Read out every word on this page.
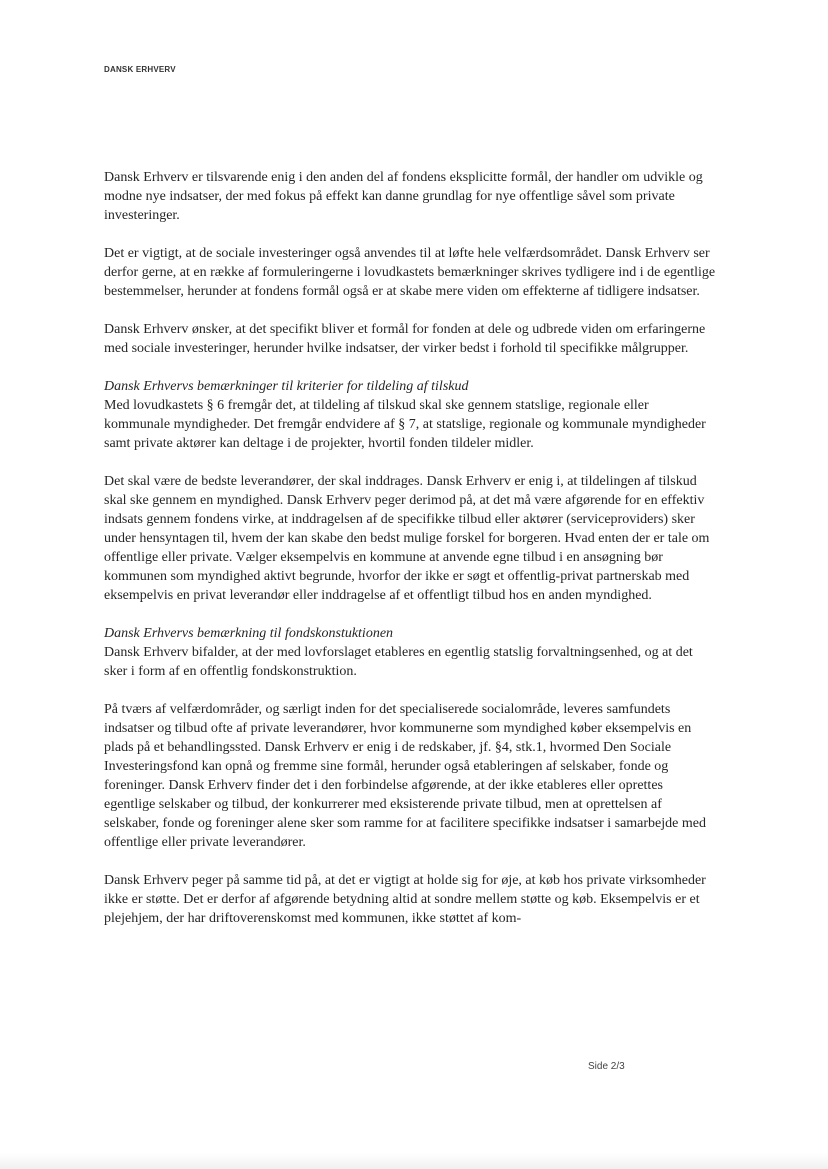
DANSK ERHVERV

Dansk Erhverv er tilsvarende enig i den anden del af fondens eksplicitte formål, der handler om udvikle og modne nye indsatser, der med fokus på effekt kan danne grundlag for nye offentlige såvel som private investeringer.

Det er vigtigt, at de sociale investeringer også anvendes til at løfte hele velfærdsområdet. Dansk Erhverv ser derfor gerne, at en række af formuleringerne i lovudkastets bemærkninger skrives tydligere ind i de egentlige bestemmelser, herunder at fondens formål også er at skabe mere viden om effekterne af tidligere indsatser.

Dansk Erhverv ønsker, at det specifikt bliver et formål for fonden at dele og udbrede viden om erfaringerne med sociale investeringer, herunder hvilke indsatser, der virker bedst i forhold til specifikke målgrupper.

Dansk Erhvervs bemærkninger til kriterier for tildeling af tilskud

Med lovudkastets § 6 fremgår det, at tildeling af tilskud skal ske gennem statslige, regionale eller kommunale myndigheder. Det fremgår endvidere af § 7, at statslige, regionale og kommunale myndigheder samt private aktører kan deltage i de projekter, hvortil fonden tildeler midler.

Det skal være de bedste leverandører, der skal inddrages. Dansk Erhverv er enig i, at tildelingen af tilskud skal ske gennem en myndighed. Dansk Erhverv peger derimod på, at det må være afgørende for en effektiv indsats gennem fondens virke, at inddragelsen af de specifikke tilbud eller aktører (serviceproviders) sker under hensyntagen til, hvem der kan skabe den bedst mulige forskel for borgeren. Hvad enten der er tale om offentlige eller private. Vælger eksempelvis en kommune at anvende egne tilbud i en ansøgning bør kommunen som myndighed aktivt begrunde, hvorfor der ikke er søgt et offentlig-privat partnerskab med eksempelvis en privat leverandør eller inddragelse af et offentligt tilbud hos en anden myndighed.

Dansk Erhvervs bemærkning til fondskonstuktionen

Dansk Erhverv bifalder, at der med lovforslaget etableres en egentlig statslig forvaltningsenhed, og at det sker i form af en offentlig fondskonstruktion.

På tværs af velfærdområder, og særligt inden for det specialiserede socialområde, leveres samfundets indsatser og tilbud ofte af private leverandører, hvor kommunerne som myndighed køber eksempelvis en plads på et behandlingssted. Dansk Erhverv er enig i de redskaber, jf. §4, stk.1, hvormed Den Sociale Investeringsfond kan opnå og fremme sine formål, herunder også etableringen af selskaber, fonde og foreninger. Dansk Erhverv finder det i den forbindelse afgørende, at der ikke etableres eller oprettes egentlige selskaber og tilbud, der konkurrerer med eksisterende private tilbud, men at oprettelsen af selskaber, fonde og foreninger alene sker som ramme for at facilitere specifikke indsatser i samarbejde med offentlige eller private leverandører.

Dansk Erhverv peger på samme tid på, at det er vigtigt at holde sig for øje, at køb hos private virksomheder ikke er støtte. Det er derfor af afgørende betydning altid at sondre mellem støtte og køb. Eksempelvis er et plejehjem, der har driftoverenskomst med kommunen, ikke støttet af kom-

Side 2/3
